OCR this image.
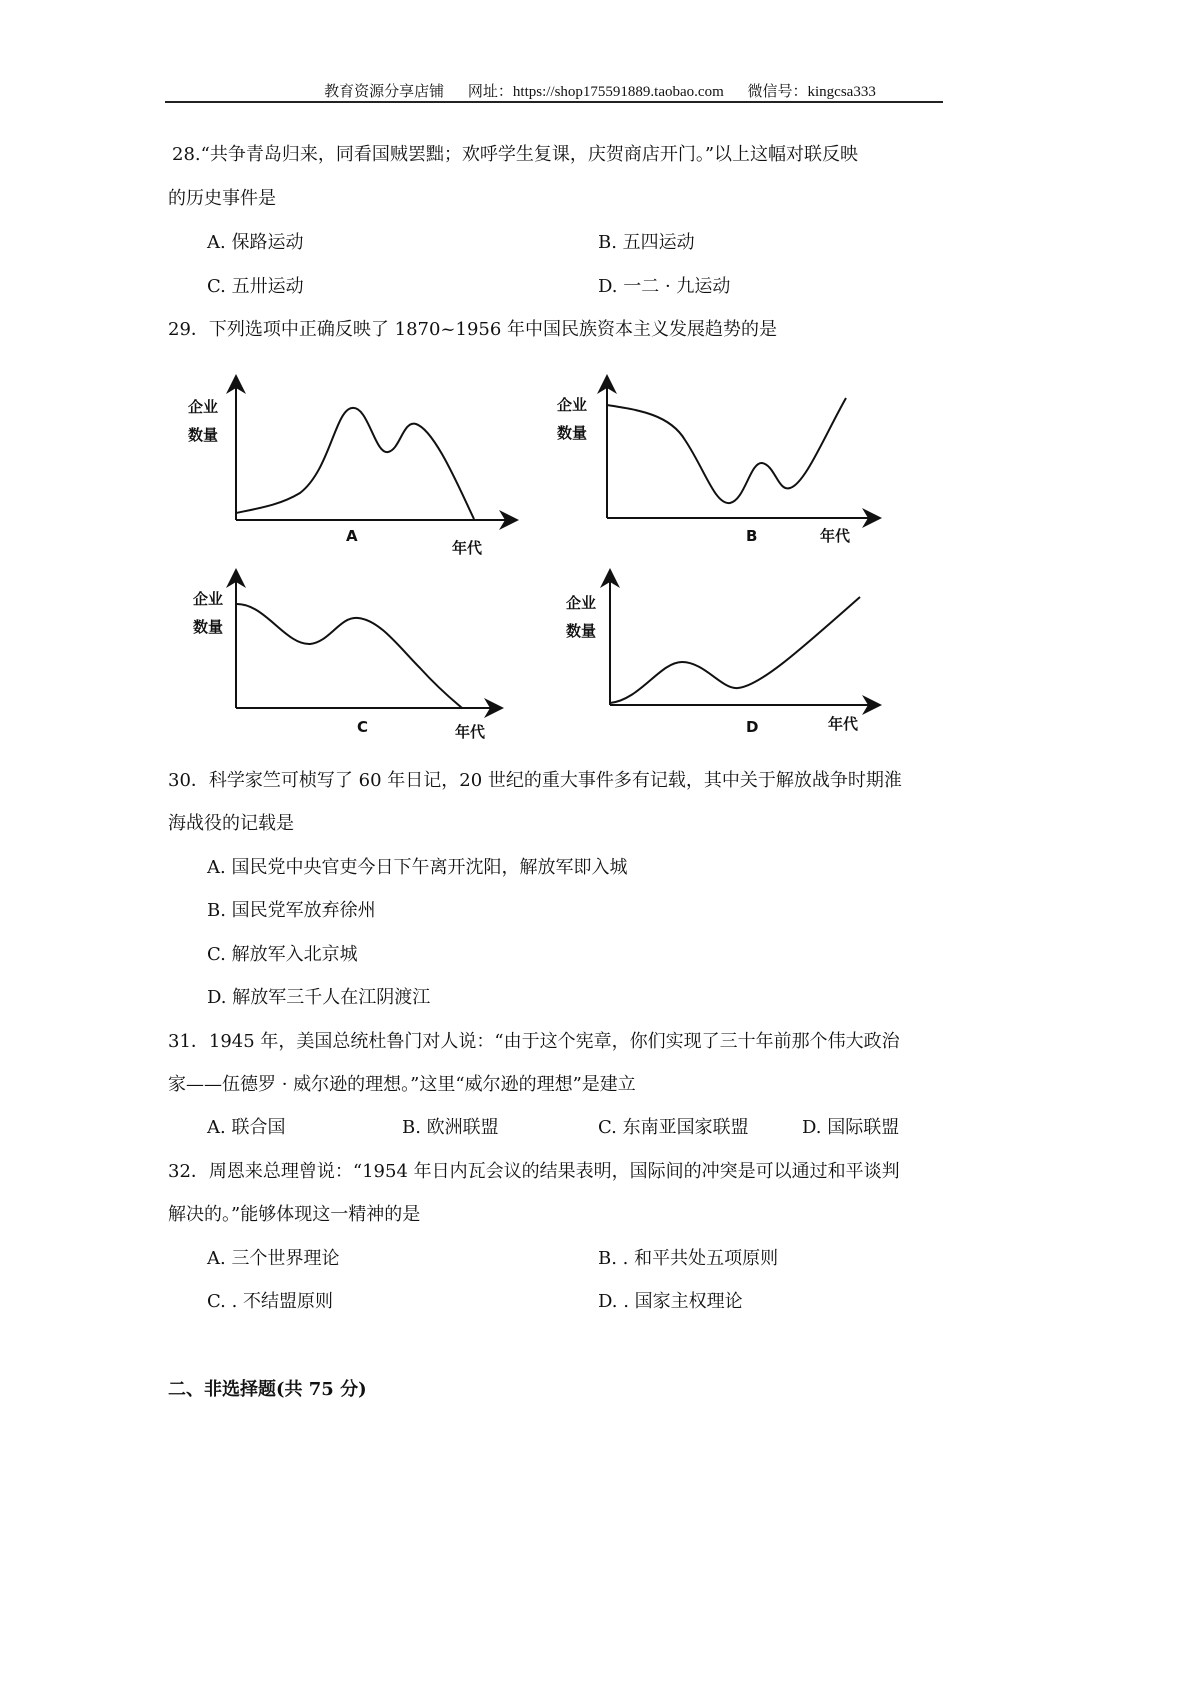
教育资源分享店铺 网址：https://shop175591889.taobao.com 微信号：kingcsa333
28.“共争青岛归来，同看国贼罢黜；欢呼学生复课，庆贺商店开门。”以上这幅对联反映
的历史事件是
A. 保路运动	B. 五四运动
C. 五卅运动	D. 一二 · 九运动
29．下列选项中正确反映了 1870~1956 年中国民族资本主义发展趋势的是
企业
数量
A
年代
企业
数量
B	年代
企业
数量
C	年代
企业
数量
D	年代
30．科学家竺可桢写了 60 年日记，20 世纪的重大事件多有记载，其中关于解放战争时期淮
海战役的记载是
A. 国民党中央官吏今日下午离开沈阳，解放军即入城
B. 国民党军放弃徐州
C. 解放军入北京城
D. 解放军三千人在江阴渡江
31．1945 年，美国总统杜鲁门对人说：“由于这个宪章，你们实现了三十年前那个伟大政治
家——伍德罗 · 威尔逊的理想。”这里“威尔逊的理想”是建立
A. 联合国	B. 欧洲联盟	C. 东南亚国家联盟	D. 国际联盟
32．周恩来总理曾说：“1954 年日内瓦会议的结果表明，国际间的冲突是可以通过和平谈判
解决的。”能够体现这一精神的是
A. 三个世界理论	B. . 和平共处五项原则
C. . 不结盟原则	D. . 国家主权理论
二、非选择题(共 75 分)
